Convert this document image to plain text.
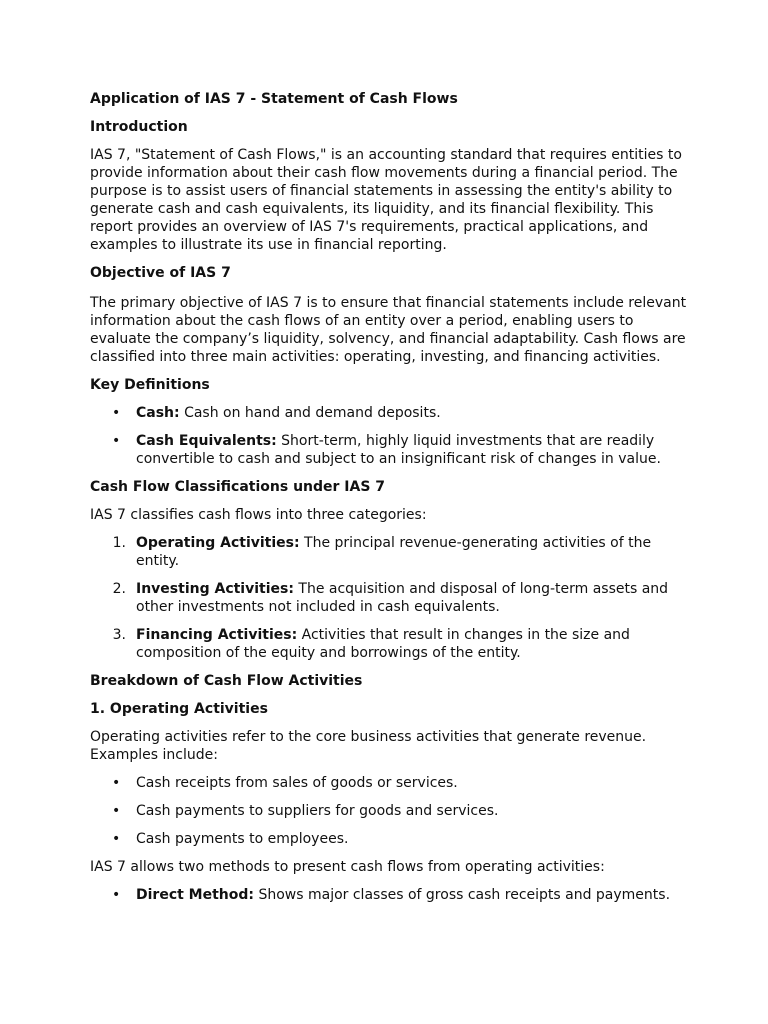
Application of IAS 7 - Statement of Cash Flows
Introduction

IAS 7, "Statement of Cash Flows," is an accounting standard that requires entities to provide information about their cash flow movements during a financial period. The purpose is to assist users of financial statements in assessing the entity's ability to generate cash and cash equivalents, its liquidity, and its financial flexibility. This report provides an overview of IAS 7's requirements, practical applications, and examples to illustrate its use in financial reporting.

Objective of IAS 7

The primary objective of IAS 7 is to ensure that financial statements include relevant information about the cash flows of an entity over a period, enabling users to evaluate the company’s liquidity, solvency, and financial adaptability. Cash flows are classified into three main activities: operating, investing, and financing activities.

Key Definitions
• Cash: Cash on hand and demand deposits.
• Cash Equivalents: Short-term, highly liquid investments that are readily convertible to cash and subject to an insignificant risk of changes in value.
Cash Flow Classifications under IAS 7

IAS 7 classifies cash flows into three categories:

1. Operating Activities: The principal revenue-generating activities of the entity.
2. Investing Activities: The acquisition and disposal of long-term assets and other investments not included in cash equivalents.
3. Financing Activities: Activities that result in changes in the size and composition of the equity and borrowings of the entity.
Breakdown of Cash Flow Activities
1. Operating Activities

Operating activities refer to the core business activities that generate revenue. Examples include:

• Cash receipts from sales of goods or services.
• Cash payments to suppliers for goods and services.
• Cash payments to employees.

IAS 7 allows two methods to present cash flows from operating activities:

• Direct Method: Shows major classes of gross cash receipts and payments.
